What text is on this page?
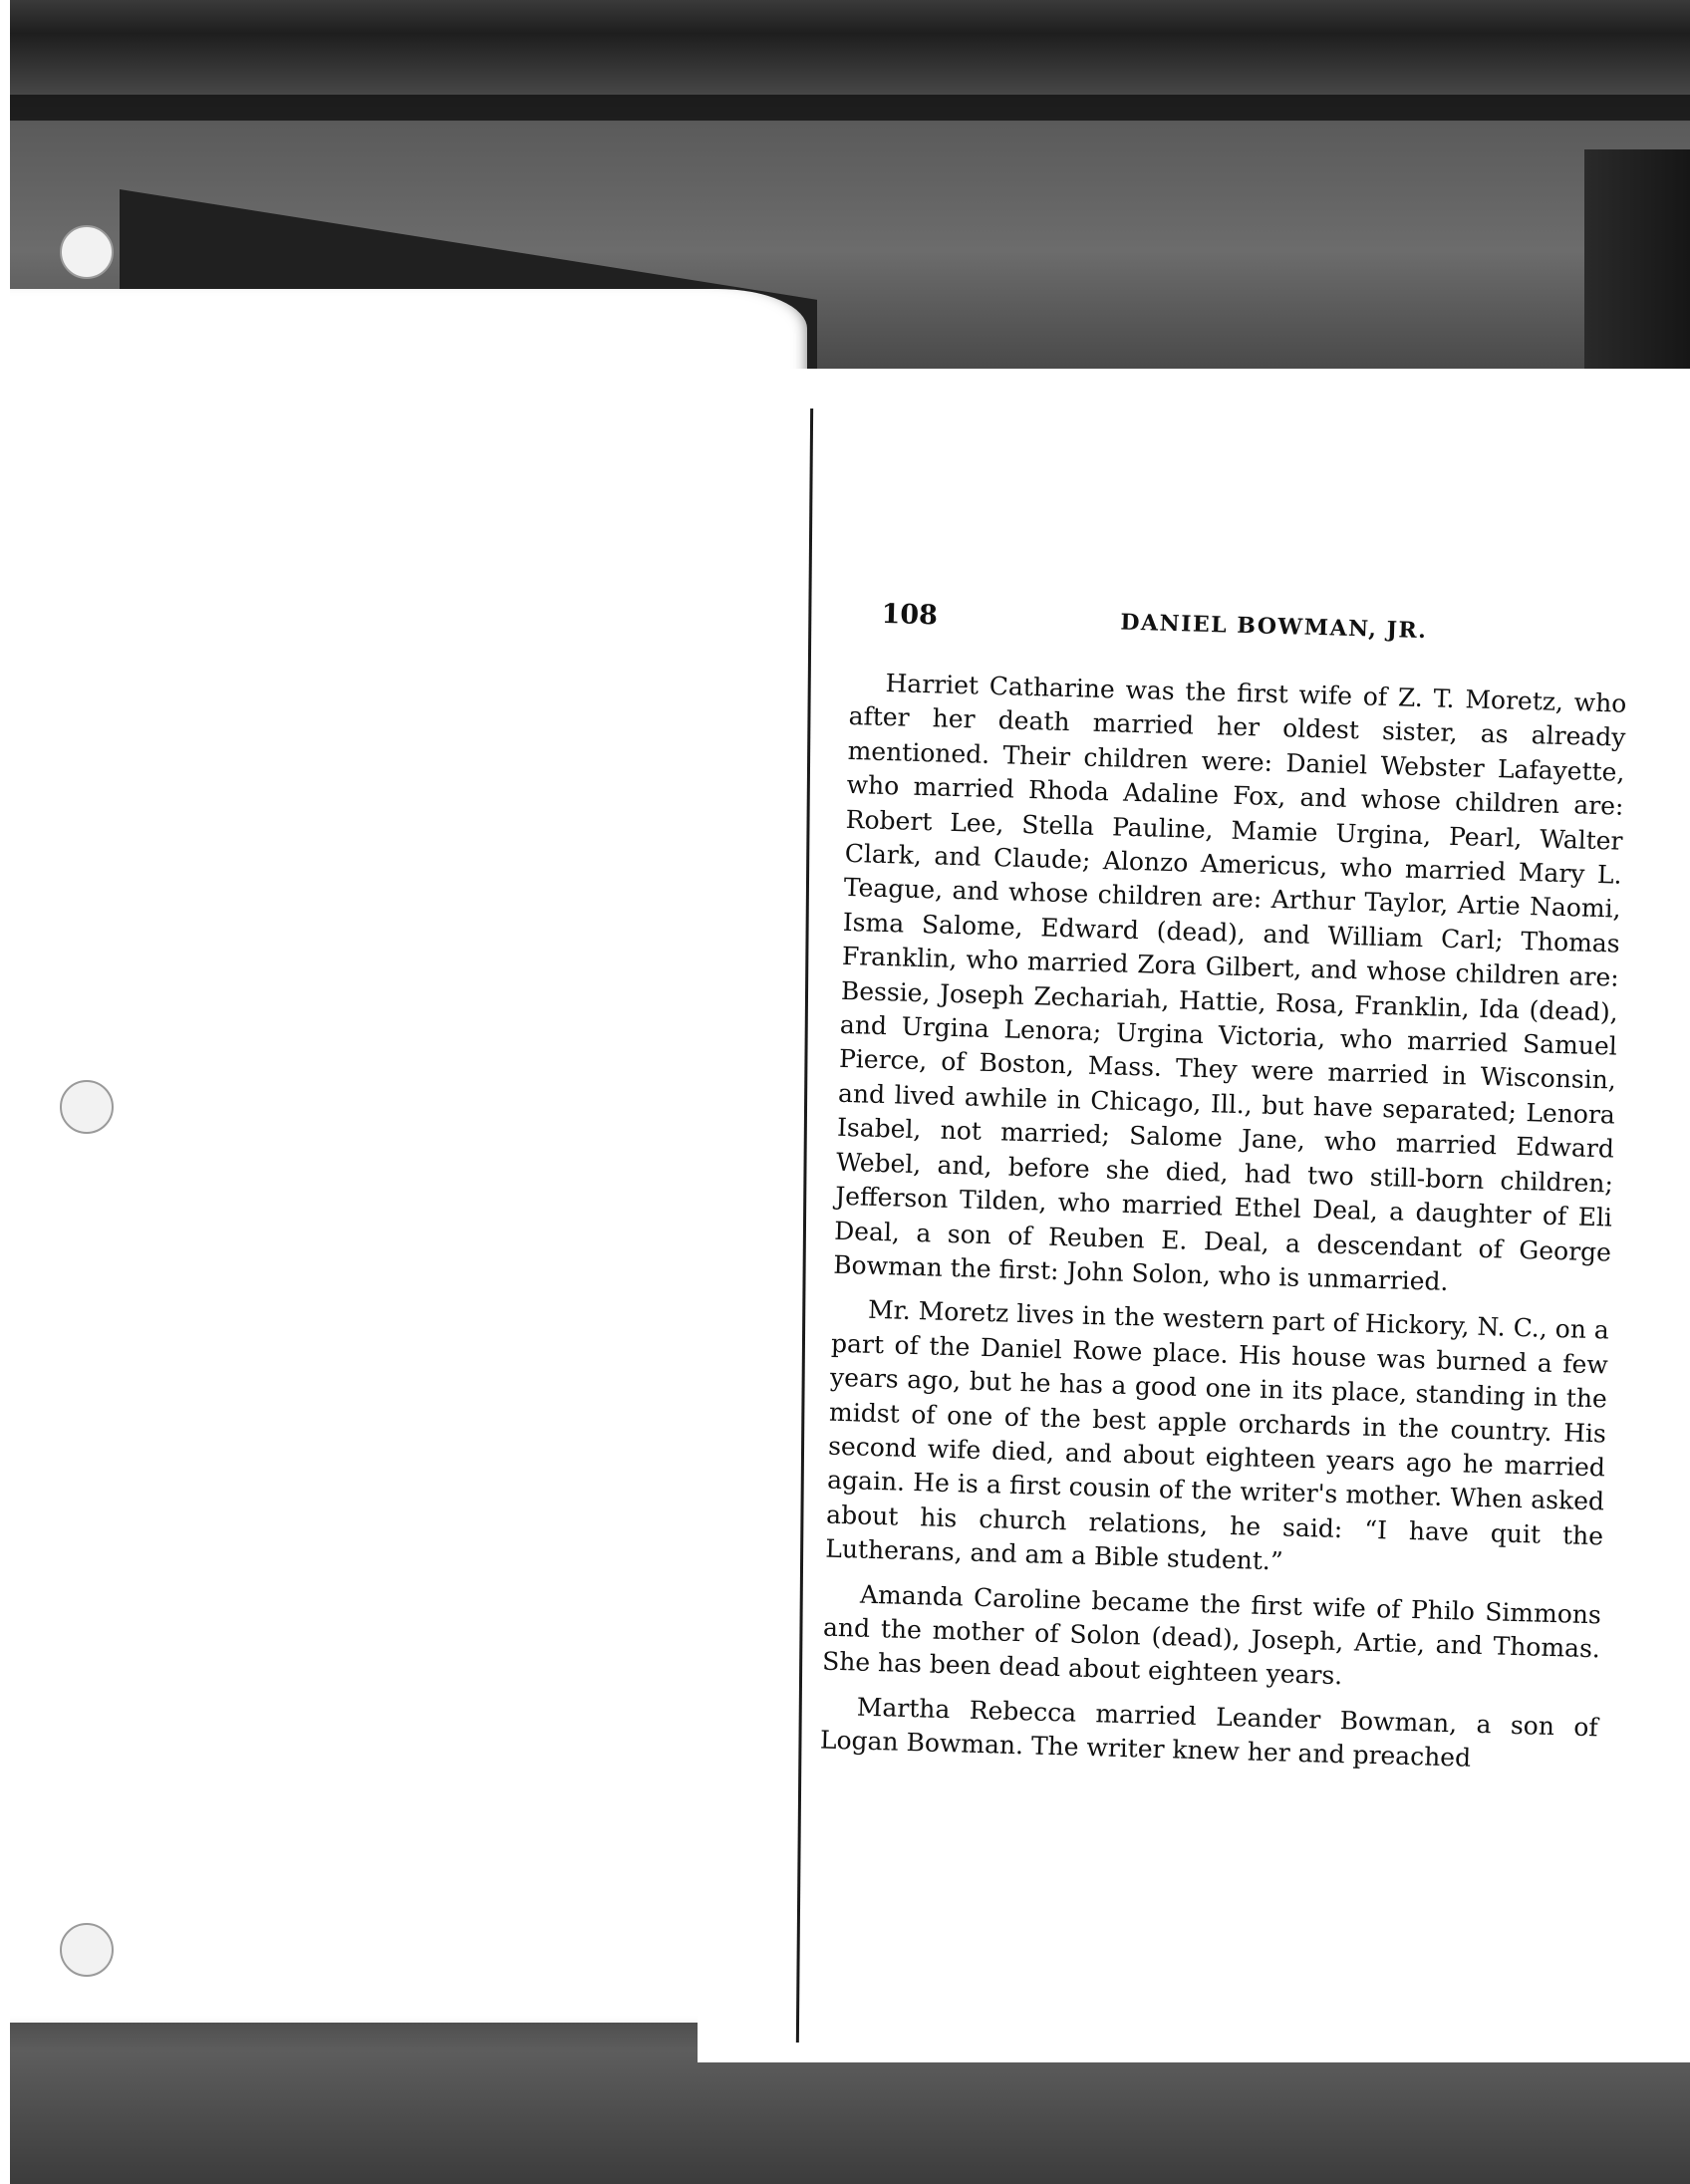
108	DANIEL BOWMAN, JR.

Harriet Catharine was the first wife of Z. T. Moretz, who after her death married her oldest sister, as already mentioned. Their children were: Daniel Webster Lafayette, who married Rhoda Adaline Fox, and whose children are: Robert Lee, Stella Pauline, Mamie Urgina, Pearl, Walter Clark, and Claude; Alonzo Americus, who married Mary L. Teague, and whose children are: Arthur Taylor, Artie Naomi, Isma Salome, Edward (dead), and William Carl; Thomas Franklin, who married Zora Gilbert, and whose children are: Bessie, Joseph Zechariah, Hattie, Rosa, Franklin, Ida (dead), and Urgina Lenora; Urgina Victoria, who married Samuel Pierce, of Boston, Mass. They were married in Wisconsin, and lived awhile in Chicago, Ill., but have separated; Lenora Isabel, not married; Salome Jane, who married Edward Webel, and, before she died, had two still-born children; Jefferson Tilden, who married Ethel Deal, a daughter of Eli Deal, a son of Reuben E. Deal, a descendant of George Bowman the first: John Solon, who is unmarried.

Mr. Moretz lives in the western part of Hickory, N. C., on a part of the Daniel Rowe place. His house was burned a few years ago, but he has a good one in its place, standing in the midst of one of the best apple orchards in the country. His second wife died, and about eighteen years ago he married again. He is a first cousin of the writer's mother. When asked about his church relations, he said: “I have quit the Lutherans, and am a Bible student.”

Amanda Caroline became the first wife of Philo Simmons and the mother of Solon (dead), Joseph, Artie, and Thomas. She has been dead about eighteen years.

Martha Rebecca married Leander Bowman, a son of Logan Bowman. The writer knew her and preached
